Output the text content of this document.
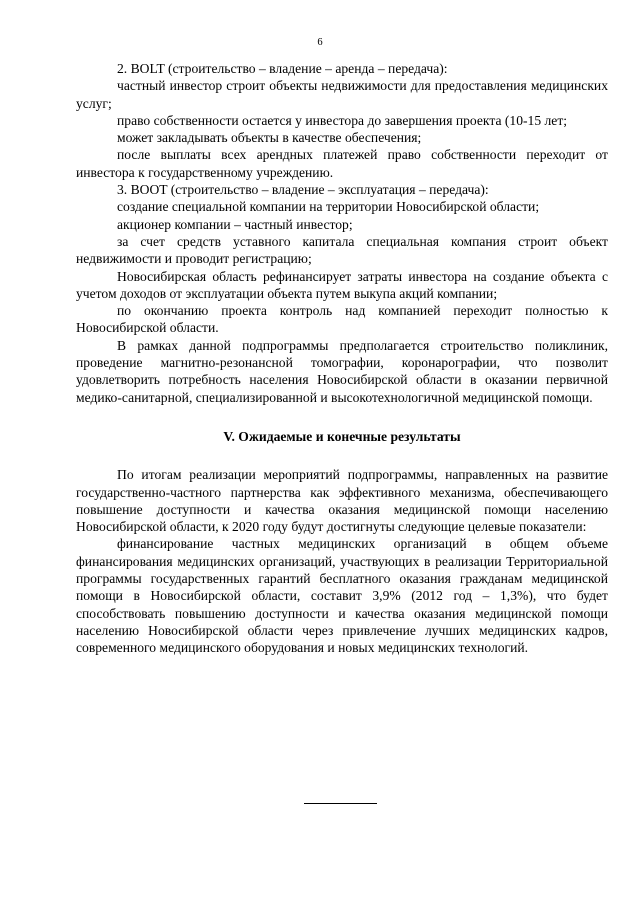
6

2. BOLT (строительство – владение – аренда – передача):

частный инвестор строит объекты недвижимости для предоставления медицинских услуг;

право собственности остается у инвестора до завершения проекта (10-15 лет;

может закладывать объекты в качестве обеспечения;

после выплаты всех арендных платежей право собственности переходит от инвестора к государственному учреждению.

3. BOOT (строительство – владение – эксплуатация – передача):

создание специальной компании на территории Новосибирской области;

акционер компании – частный инвестор;

за счет средств уставного капитала специальная компания строит объект недвижимости и проводит регистрацию;

Новосибирская область рефинансирует затраты инвестора на создание объекта с учетом доходов от эксплуатации объекта путем выкупа акций компании;

по окончанию проекта контроль над компанией переходит полностью к Новосибирской области.

В рамках данной подпрограммы предполагается строительство поликлиник, проведение магнитно-резонансной томографии, коронарографии, что позволит удовлетворить потребность населения Новосибирской области в оказании первичной медико-санитарной, специализированной и высокотехнологичной медицинской помощи.

V. Ожидаемые и конечные результаты

По итогам реализации мероприятий подпрограммы, направленных на развитие государственно-частного партнерства как эффективного механизма, обеспечивающего повышение доступности и качества оказания медицинской помощи населению Новосибирской области, к 2020 году будут достигнуты следующие целевые показатели:

финансирование частных медицинских организаций в общем объеме финансирования медицинских организаций, участвующих в реализации Территориальной программы государственных гарантий бесплатного оказания гражданам медицинской помощи в Новосибирской области, составит 3,9% (2012 год – 1,3%), что будет способствовать повышению доступности и качества оказания медицинской помощи населению Новосибирской области через привлечение лучших медицинских кадров, современного медицинского оборудования и новых медицинских технологий.
